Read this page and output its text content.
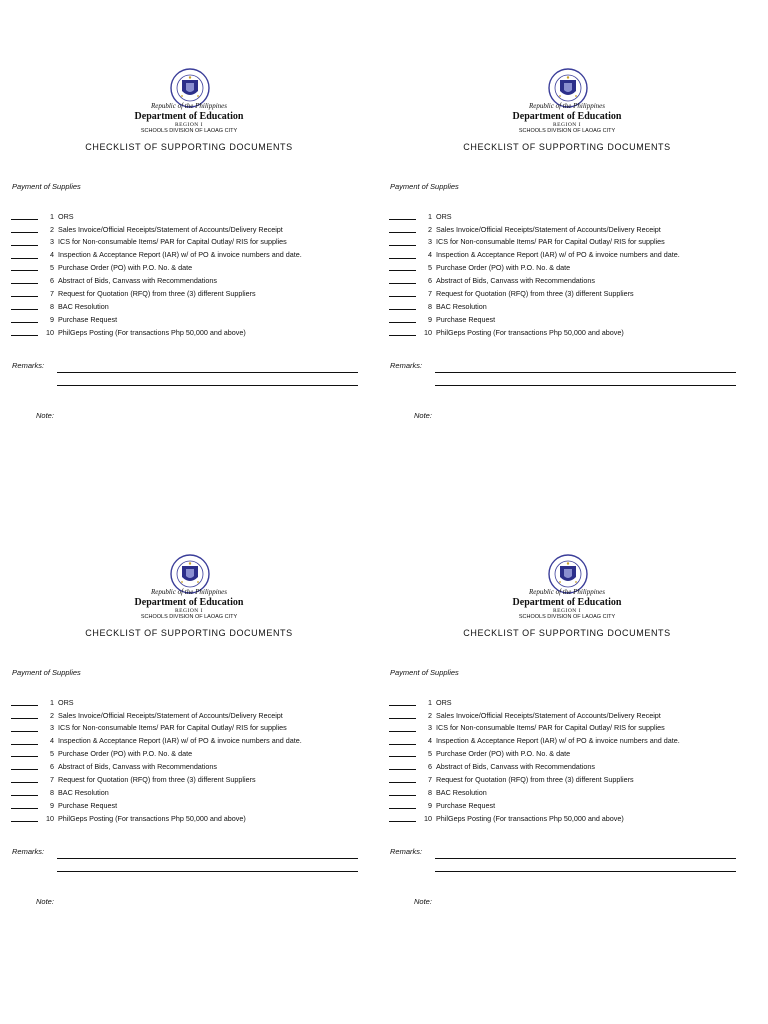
Republic of the Philippines
Department of Education
REGION I
SCHOOLS DIVISION OF LAOAG CITY
CHECKLIST OF SUPPORTING DOCUMENTS
Payment of Supplies
1 ORS
2 Sales Invoice/Official Receipts/Statement of Accounts/Delivery Receipt
3 ICS for Non-consumable Items/ PAR for Capital Outlay/ RIS for supplies
4 Inspection & Acceptance Report (IAR) w/ of PO & invoice numbers and date.
5 Purchase Order (PO) with P.O. No. & date
6 Abstract of Bids, Canvass with Recommendations
7 Request for Quotation (RFQ) from three (3) different Suppliers
8 BAC Resolution
9 Purchase Request
10 PhilGeps Posting (For transactions Php 50,000 and above)
Remarks:
Note:
Republic of the Philippines
Department of Education
REGION I
SCHOOLS DIVISION OF LAOAG CITY
CHECKLIST OF SUPPORTING DOCUMENTS
Payment of Supplies
1 ORS
2 Sales Invoice/Official Receipts/Statement of Accounts/Delivery Receipt
3 ICS for Non-consumable Items/ PAR for Capital Outlay/ RIS for supplies
4 Inspection & Acceptance Report (IAR) w/ of PO & invoice numbers and date.
5 Purchase Order (PO) with P.O. No. & date
6 Abstract of Bids, Canvass with Recommendations
7 Request for Quotation (RFQ) from three (3) different Suppliers
8 BAC Resolution
9 Purchase Request
10 PhilGeps Posting (For transactions Php 50,000 and above)
Remarks:
Note:
Republic of the Philippines
Department of Education
REGION I
SCHOOLS DIVISION OF LAOAG CITY
CHECKLIST OF SUPPORTING DOCUMENTS
Payment of Supplies
1 ORS
2 Sales Invoice/Official Receipts/Statement of Accounts/Delivery Receipt
3 ICS for Non-consumable Items/ PAR for Capital Outlay/ RIS for supplies
4 Inspection & Acceptance Report (IAR) w/ of PO & invoice numbers and date.
5 Purchase Order (PO) with P.O. No. & date
6 Abstract of Bids, Canvass with Recommendations
7 Request for Quotation (RFQ) from three (3) different Suppliers
8 BAC Resolution
9 Purchase Request
10 PhilGeps Posting (For transactions Php 50,000 and above)
Remarks:
Note:
Republic of the Philippines
Department of Education
REGION I
SCHOOLS DIVISION OF LAOAG CITY
CHECKLIST OF SUPPORTING DOCUMENTS
Payment of Supplies
1 ORS
2 Sales Invoice/Official Receipts/Statement of Accounts/Delivery Receipt
3 ICS for Non-consumable Items/ PAR for Capital Outlay/ RIS for supplies
4 Inspection & Acceptance Report (IAR) w/ of PO & invoice numbers and date.
5 Purchase Order (PO) with P.O. No. & date
6 Abstract of Bids, Canvass with Recommendations
7 Request for Quotation (RFQ) from three (3) different Suppliers
8 BAC Resolution
9 Purchase Request
10 PhilGeps Posting (For transactions Php 50,000 and above)
Remarks:
Note:
